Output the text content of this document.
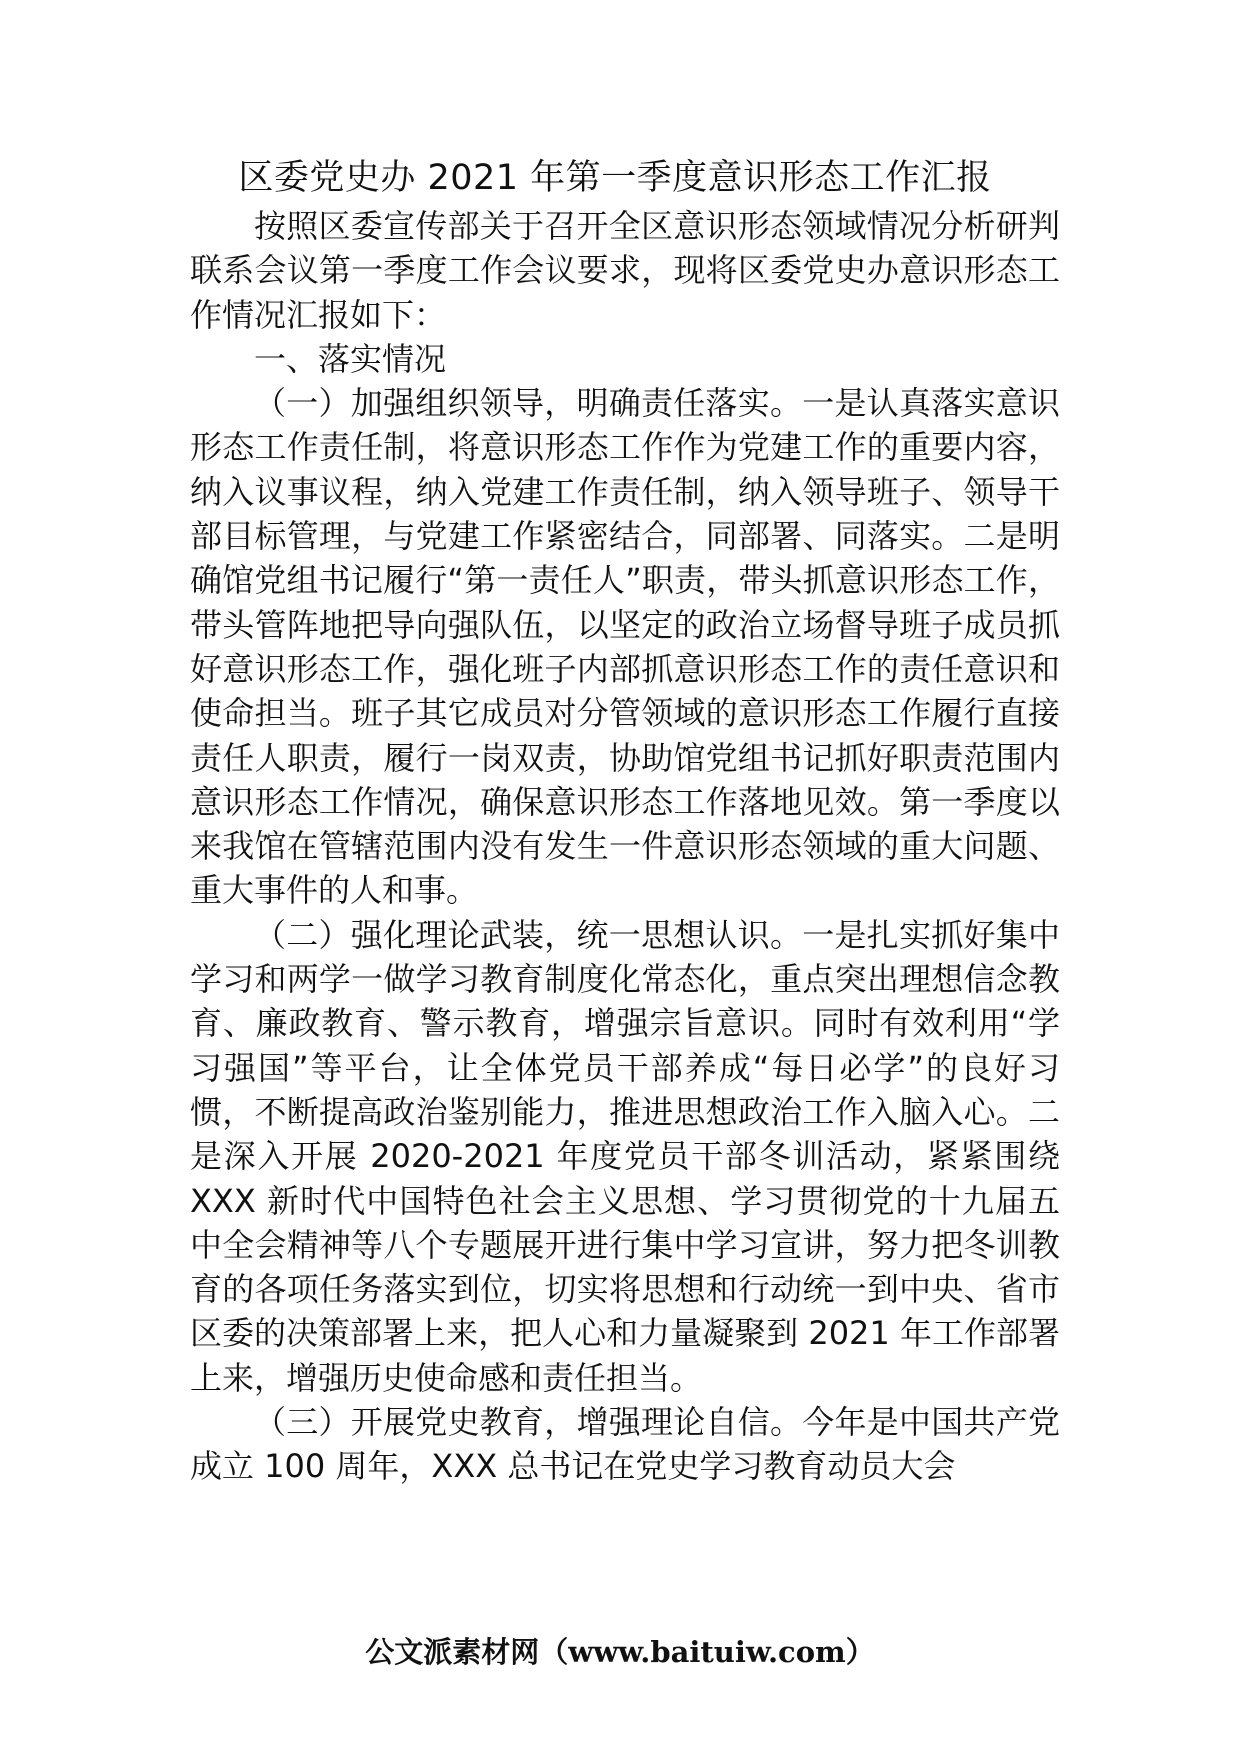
区委党史办 2021 年第一季度意识形态工作汇报

按照区委宣传部关于召开全区意识形态领域情况分析研判联系会议第一季度工作会议要求，现将区委党史办意识形态工作情况汇报如下：

一、落实情况

（一）加强组织领导，明确责任落实。一是认真落实意识形态工作责任制，将意识形态工作作为党建工作的重要内容，纳入议事议程，纳入党建工作责任制，纳入领导班子、领导干部目标管理，与党建工作紧密结合，同部署、同落实。二是明确馆党组书记履行“第一责任人”职责，带头抓意识形态工作，带头管阵地把导向强队伍，以坚定的政治立场督导班子成员抓好意识形态工作，强化班子内部抓意识形态工作的责任意识和使命担当。班子其它成员对分管领域的意识形态工作履行直接责任人职责，履行一岗双责，协助馆党组书记抓好职责范围内意识形态工作情况，确保意识形态工作落地见效。第一季度以来我馆在管辖范围内没有发生一件意识形态领域的重大问题、重大事件的人和事。

（二）强化理论武装，统一思想认识。一是扎实抓好集中学习和两学一做学习教育制度化常态化，重点突出理想信念教育、廉政教育、警示教育，增强宗旨意识。同时有效利用“学习强国”等平台，让全体党员干部养成“每日必学”的良好习惯，不断提高政治鉴别能力，推进思想政治工作入脑入心。二是深入开展 2020-2021 年度党员干部冬训活动，紧紧围绕 XXX 新时代中国特色社会主义思想、学习贯彻党的十九届五中全会精神等八个专题展开进行集中学习宣讲，努力把冬训教育的各项任务落实到位，切实将思想和行动统一到中央、省市区委的决策部署上来，把人心和力量凝聚到 2021 年工作部署上来，增强历史使命感和责任担当。

（三）开展党史教育，增强理论自信。今年是中国共产党成立 100 周年，XXX 总书记在党史学习教育动员大会

公文派素材网（www.baituiw.com）
